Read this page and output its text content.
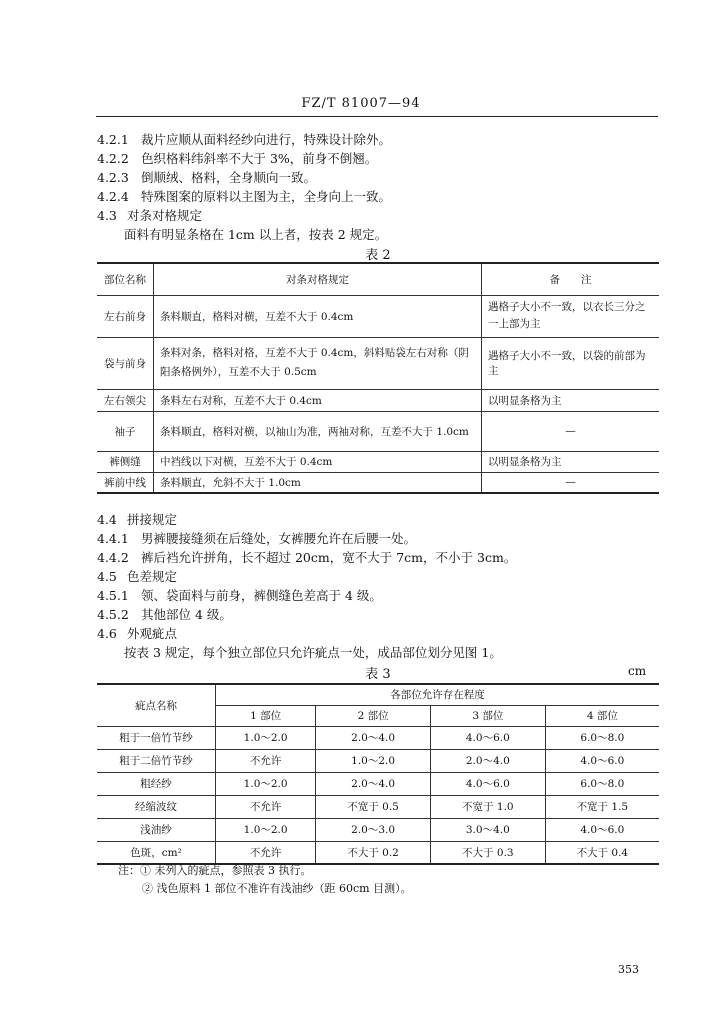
FZ/T 81007—94
4.2.1 裁片应顺从面料经纱向进行，特殊设计除外。
4.2.2 色织格料纬斜率不大于 3%，前身不倒翘。
4.2.3 倒顺绒、格料，全身顺向一致。
4.2.4 特殊图案的原料以主图为主，全身向上一致。
4.3 对条对格规定
面料有明显条格在 1cm 以上者，按表 2 规定。
表 2
部位名称	对条对格规定	备　　注
左右前身	条料顺直，格料对横，互差不大于 0.4cm	遇格子大小不一致，以衣长三分之一上部为主
袋与前身	条料对条，格料对格，互差不大于 0.4cm，斜料贴袋左右对称（阴阳条格例外），互差不大于 0.5cm	遇格子大小不一致，以袋的前部为主
左右领尖	条料左右对称，互差不大于 0.4cm	以明显条格为主
袖子	条料顺直，格料对横，以袖山为准，两袖对称，互差不大于 1.0cm	—
裤侧缝	中裆线以下对横，互差不大于 0.4cm	以明显条格为主
裤前中线	条料顺直，允斜不大于 1.0cm	—
4.4 拼接规定
4.4.1 男裤腰接缝须在后缝处，女裤腰允许在后腰一处。
4.4.2 裤后裆允许拼角，长不超过 20cm，宽不大于 7cm，不小于 3cm。
4.5 色差规定
4.5.1 领、袋面料与前身，裤侧缝色差高于 4 级。
4.5.2 其他部位 4 级。
4.6 外观疵点
按表 3 规定，每个独立部位只允许疵点一处，成品部位划分见图 1。
表 3	cm
疵点名称	各部位允许存在程度			
	1 部位	2 部位	3 部位	4 部位
粗于一倍竹节纱	1.0～2.0	2.0～4.0	4.0～6.0	6.0～8.0
粗于二倍竹节纱	不允许	1.0～2.0	2.0～4.0	4.0～6.0
粗经纱	1.0～2.0	2.0～4.0	4.0～6.0	6.0～8.0
经缩波纹	不允许	不宽于 0.5	不宽于 1.0	不宽于 1.5
浅油纱	1.0～2.0	2.0～3.0	3.0～4.0	4.0～6.0
色斑，cm²	不允许	不大于 0.2	不大于 0.3	不大于 0.4
注：① 未列入的疵点，参照表 3 执行。
② 浅色原料 1 部位不准许有浅油纱（距 60cm 目测）。
353
